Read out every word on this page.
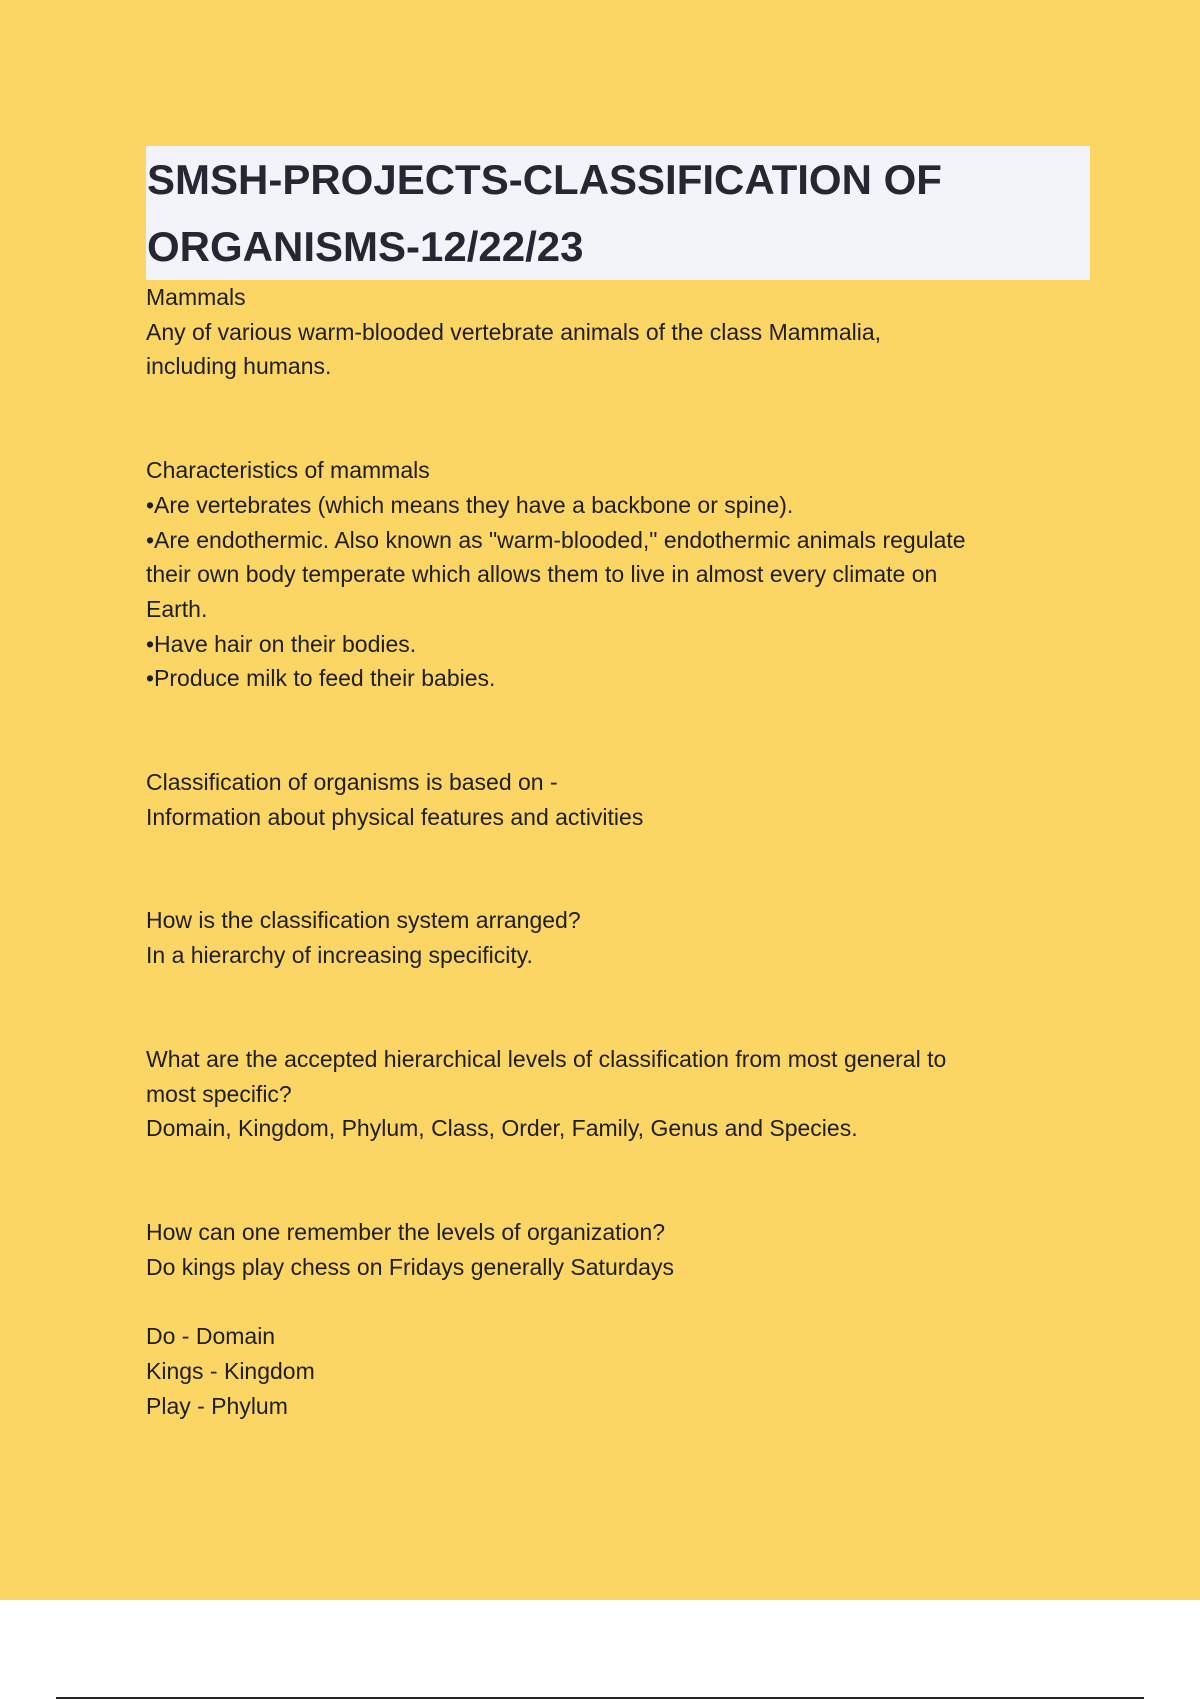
SMSH-PROJECTS-CLASSIFICATION OF
ORGANISMS-12/22/23
Mammals
Any of various warm-blooded vertebrate animals of the class Mammalia,
including humans.
Characteristics of mammals
•Are vertebrates (which means they have a backbone or spine).
•Are endothermic. Also known as "warm-blooded," endothermic animals regulate
their own body temperate which allows them to live in almost every climate on
Earth.
•Have hair on their bodies.
•Produce milk to feed their babies.
Classification of organisms is based on -
Information about physical features and activities
How is the classification system arranged?
In a hierarchy of increasing specificity.
What are the accepted hierarchical levels of classification from most general to
most specific?
Domain, Kingdom, Phylum, Class, Order, Family, Genus and Species.
How can one remember the levels of organization?
Do kings play chess on Fridays generally Saturdays
Do - Domain
Kings - Kingdom
Play - Phylum
